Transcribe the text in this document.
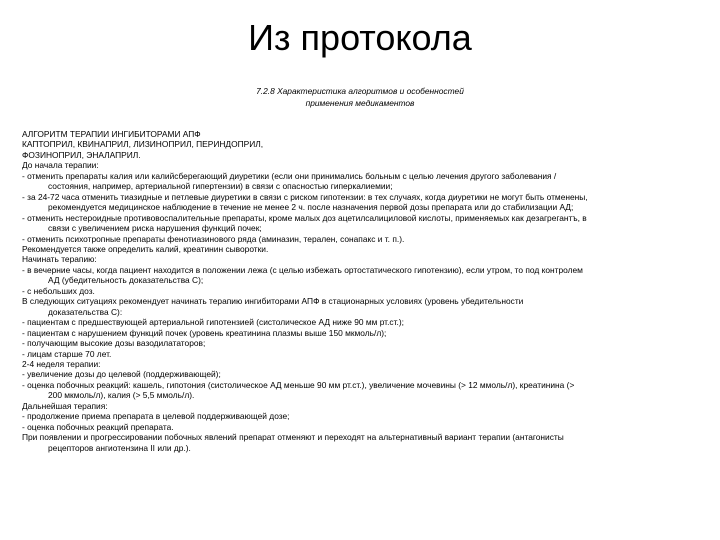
Из протокола
7.2.8 Характеристика алгоритмов и особенностей
применения медикаментов
АЛГОРИТМ ТЕРАПИИ ИНГИБИТОРАМИ АПФ
КАПТОПРИЛ, КВИНАПРИЛ, ЛИЗИНОПРИЛ, ПЕРИНДОПРИЛ,
ФОЗИНОПРИЛ, ЭНАЛАПРИЛ.
До начала терапии:
- отменить препараты калия или калийсберегающий диуретики (если они принимались больным с целью лечения другого заболевания /
состояния, например, артериальной гипертензии) в связи с опасностью гиперкалиемии;
- за 24-72 часа отменить тиазидные и петлевые диуретики в связи с риском гипотензии: в тех случаях, когда диуретики не могут быть отменены,
рекомендуется медицинское наблюдение в течение не менее 2 ч. после назначения первой дозы препарата или до стабилизации АД;
- отменить нестероидные противовоспалительные препараты, кроме малых доз ацетилсалициловой кислоты, применяемых как дезагрегантъ, в
связи с увеличением риска нарушения функций почек;
- отменить психотропные препараты фенотиазинового ряда (аминазин, тералeн, сонапакс и т. п.).
Рекомендуется также определить калий, креатинин сыворотки.
Начинать терапию:
- в вечерние часы, когда пациент находится в положении лежа (с целью избежать ортостатического гипотензию), если утром, то под контролем
АД (убедительность доказательства С);
- с небольших доз.
В следующих ситуациях рекомендует начинать терапию ингибиторами АПФ в стационарных условиях (уровень убедительности
доказательства С):
- пациентам с предшествующей артериальной гипотензией (систолическое АД ниже 90 мм рт.ст.);
- пациентам с нарушением функций почек (уровень креатинина плазмы выше 150 мкмоль/л);
- получающим высокие дозы вазодилататоров;
- лицам старше 70 лет.
2-4 неделя терапии:
- увеличение дозы до целевой (поддерживающей);
- оценка побочных реакций: кашель, гипотония (систолическое АД меньше 90 мм рт.ст.), увеличение мочевины (> 12 ммоль/л), креатинина (>
200 мкмоль/л), калия (> 5,5 ммоль/л).
Дальнейшая терапия:
- продолжение приема препарата в целевой поддерживающей дозе;
- оценка побочных реакций препарата.
При появлении и прогрессировании побочных явлений препарат отменяют и переходят на альтернативный вариант терапии (антагонисты
рецепторов ангиотензина II или др.).
